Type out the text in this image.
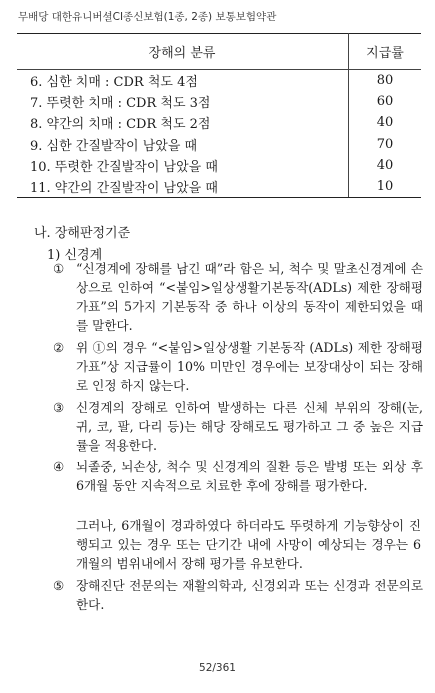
무배당 대한유니버셜CI종신보험(1종, 2종) 보통보험약관
장해의 분류	지급률
6. 심한 치매 : CDR 척도 4점	80
7. 뚜렷한 치매 : CDR 척도 3점	60
8. 약간의 치매 : CDR 척도 2점	40
9. 심한 간질발작이 남았을 때	70
10. 뚜렷한 간질발작이 남았을 때	40
11. 약간의 간질발작이 남았을 때	10
나. 장해판정기준
1) 신경계
① “신경계에 장해를 남긴 때”라 함은 뇌, 척수 및 말초신경계에 손상으로 인하여 “<붙임>일상생활기본동작(ADLs) 제한 장해평가표”의 5가지 기본동작 중 하나 이상의 동작이 제한되었을 때를 말한다.
② 위 ①의 경우 “<붙임>일상생활 기본동작 (ADLs) 제한 장해평가표”상 지급률이 10% 미만인 경우에는 보장대상이 되는 장해로 인정 하지 않는다.
③ 신경계의 장해로 인하여 발생하는 다른 신체 부위의 장해(눈, 귀, 코, 팔, 다리 등)는 해당 장해로도 평가하고 그 중 높은 지급률을 적용한다.
④ 뇌졸중, 뇌손상, 척수 및 신경계의 질환 등은 발병 또는 외상 후 6개월 동안 지속적으로 치료한 후에 장해를 평가한다.
그러나, 6개월이 경과하였다 하더라도 뚜렷하게 기능향상이 진행되고 있는 경우 또는 단기간 내에 사망이 예상되는 경우는 6개월의 범위내에서 장해 평가를 유보한다.
⑤ 장해진단 전문의는 재활의학과, 신경외과 또는 신경과 전문의로 한다.
52/361
